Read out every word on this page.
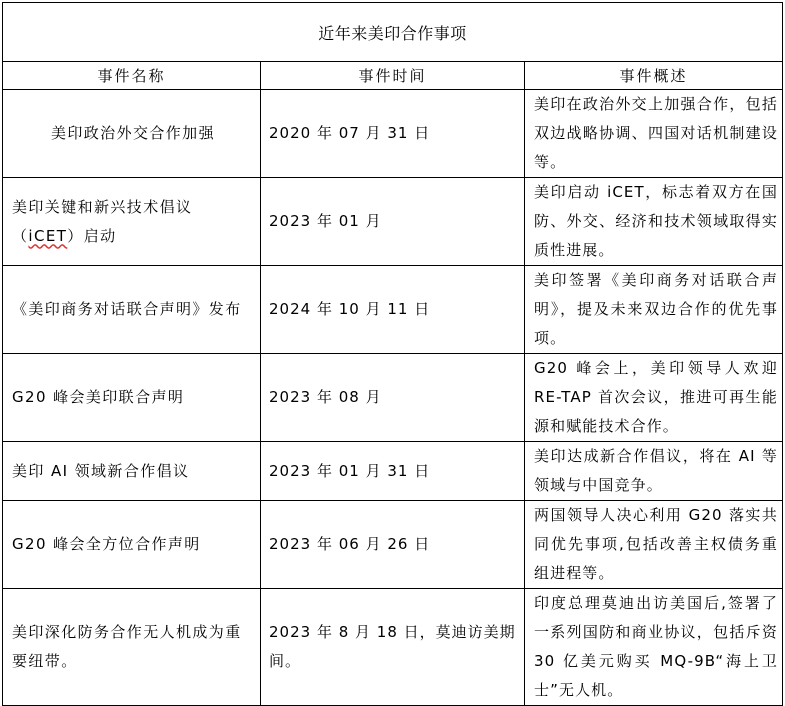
近年来美印合作事项		
事件名称	事件时间	事件概述
美印政治外交合作加强	2020 年 07 月 31 日	美印在政治外交上加强合作，包括双边战略协调、四国对话机制建设等。
美印关键和新兴技术倡议（iCET）启动	2023 年 01 月	美印启动 iCET，标志着双方在国防、外交、经济和技术领域取得实质性进展。
《美印商务对话联合声明》发布	2024 年 10 月 11 日	美印签署《美印商务对话联合声明》，提及未来双边合作的优先事项。
G20 峰会美印联合声明	2023 年 08 月	G20 峰会上，美印领导人欢迎 RE-TAP 首次会议，推进可再生能源和赋能技术合作。
美印 AI 领域新合作倡议	2023 年 01 月 31 日	美印达成新合作倡议，将在 AI 等领域与中国竞争。
G20 峰会全方位合作声明	2023 年 06 月 26 日	两国领导人决心利用 G20 落实共同优先事项,包括改善主权债务重组进程等。
美印深化防务合作无人机成为重要纽带。	2023 年 8 月 18 日，莫迪访美期间。	印度总理莫迪出访美国后,签署了一系列国防和商业协议，包括斥资 30 亿美元购买 MQ-9B“海上卫士”无人机。
